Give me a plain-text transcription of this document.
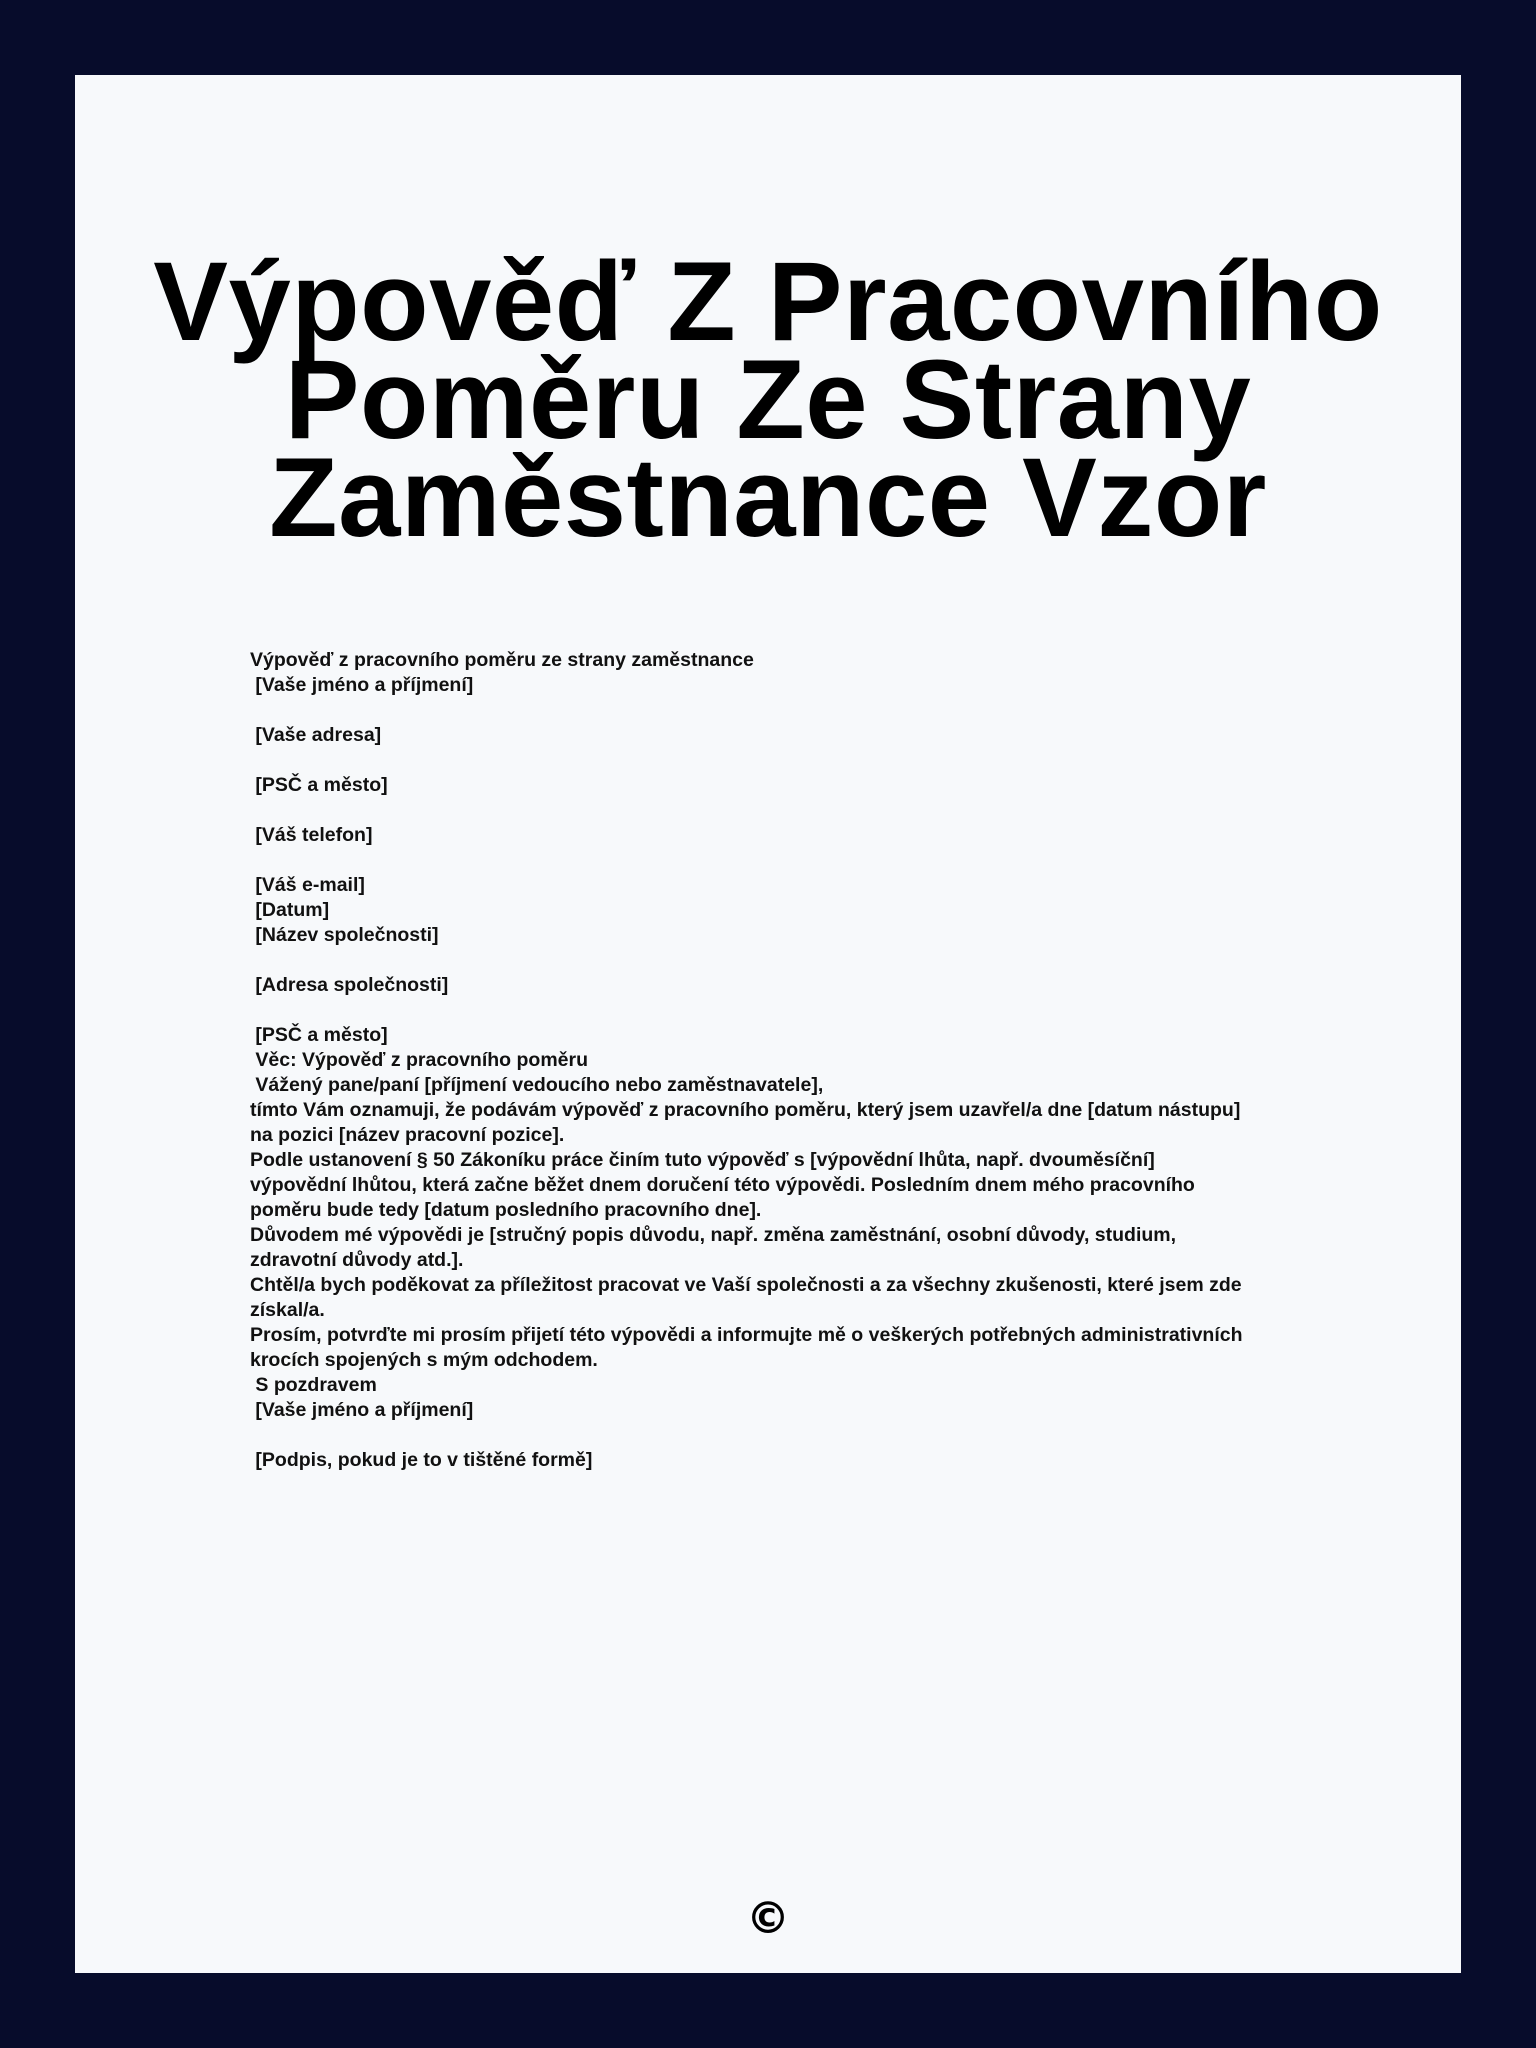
Výpověď Z Pracovního
Poměru Ze Strany
Zaměstnance Vzor
Výpověď z pracovního poměru ze strany zaměstnance
[Vaše jméno a příjmení]
[Vaše adresa]
[PSČ a město]
[Váš telefon]
[Váš e-mail]
[Datum]
[Název společnosti]
[Adresa společnosti]
[PSČ a město]
Věc: Výpověď z pracovního poměru
Vážený pane/paní [příjmení vedoucího nebo zaměstnavatele],
tímto Vám oznamuji, že podávám výpověď z pracovního poměru, který jsem uzavřel/a dne [datum nástupu]
na pozici [název pracovní pozice].
Podle ustanovení § 50 Zákoníku práce činím tuto výpověď s [výpovědní lhůta, např. dvouměsíční]
výpovědní lhůtou, která začne běžet dnem doručení této výpovědi. Posledním dnem mého pracovního
poměru bude tedy [datum posledního pracovního dne].
Důvodem mé výpovědi je [stručný popis důvodu, např. změna zaměstnání, osobní důvody, studium,
zdravotní důvody atd.].
Chtěl/a bych poděkovat za příležitost pracovat ve Vaší společnosti a za všechny zkušenosti, které jsem zde
získal/a.
Prosím, potvrďte mi prosím přijetí této výpovědi a informujte mě o veškerých potřebných administrativních
krocích spojených s mým odchodem.
S pozdravem
[Vaše jméno a příjmení]
[Podpis, pokud je to v tištěné formě]
©
